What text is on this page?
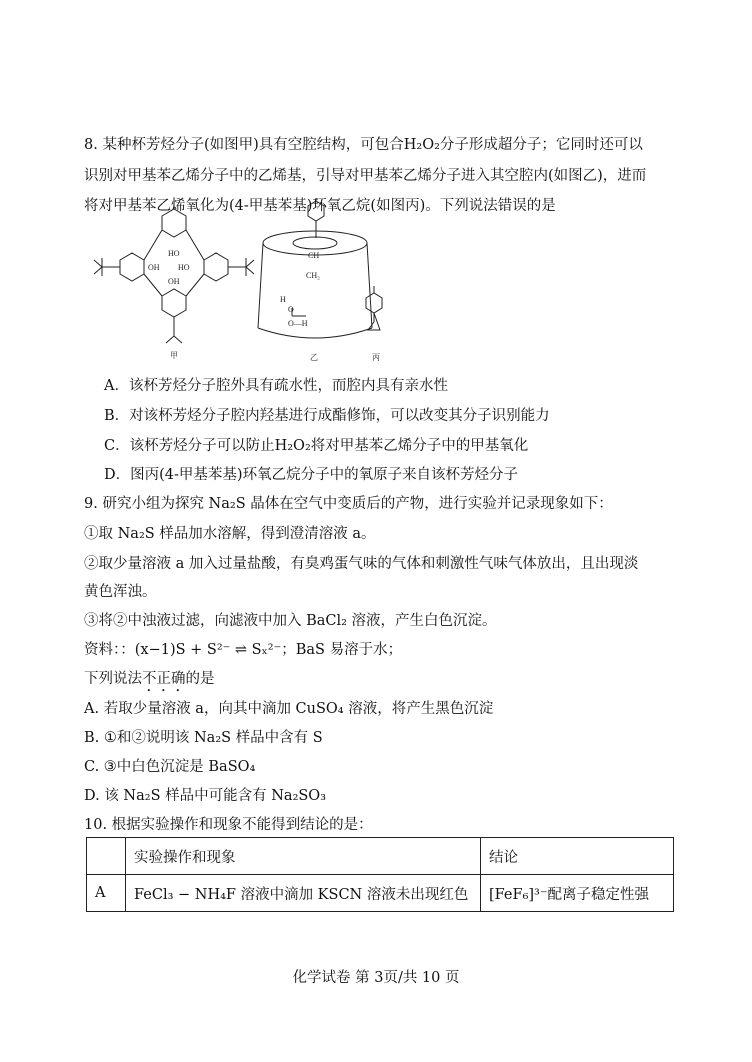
8. 某种杯芳烃分子(如图甲)具有空腔结构，可包合H₂O₂分子形成超分子；它同时还可以
识别对甲基苯乙烯分子中的乙烯基，引导对甲基苯乙烯分子进入其空腔内(如图乙)，进而
将对甲基苯乙烯氧化为(4-甲基苯基)环氧乙烷(如图丙)。下列说法错误的是
OH HO
OH
HO	CH
CH₂
H
O
O—H
甲	乙	丙
A．该杯芳烃分子腔外具有疏水性，而腔内具有亲水性
B．对该杯芳烃分子腔内羟基进行成酯修饰，可以改变其分子识别能力
C．该杯芳烃分子可以防止H₂O₂将对甲基苯乙烯分子中的甲基氧化
D．图丙(4-甲基苯基)环氧乙烷分子中的氧原子来自该杯芳烃分子
9. 研究小组为探究 Na₂S 晶体在空气中变质后的产物，进行实验并记录现象如下：
①取 Na₂S 样品加水溶解，得到澄清溶液 a。
②取少量溶液 a 加入过量盐酸，有臭鸡蛋气味的气体和刺激性气味气体放出，且出现淡
黄色浑浊。
③将②中浊液过滤，向滤液中加入 BaCl₂ 溶液，产生白色沉淀。
资料：：(x−1)S + S²⁻ ⇌ Sₓ²⁻；BaS 易溶于水；
下列说法不正确的是
A. 若取少量溶液 a，向其中滴加 CuSO₄ 溶液，将产生黑色沉淀
B. ①和②说明该 Na₂S 样品中含有 S
C. ③中白色沉淀是 BaSO₄
D. 该 Na₂S 样品中可能含有 Na₂SO₃
10. 根据实验操作和现象不能得到结论的是：
	实验操作和现象	结论
A	FeCl₃ − NH₄F 溶液中滴加 KSCN 溶液未出现红色	[FeF₆]³⁻配离子稳定性强
化学试卷 第 3页/共 10 页
